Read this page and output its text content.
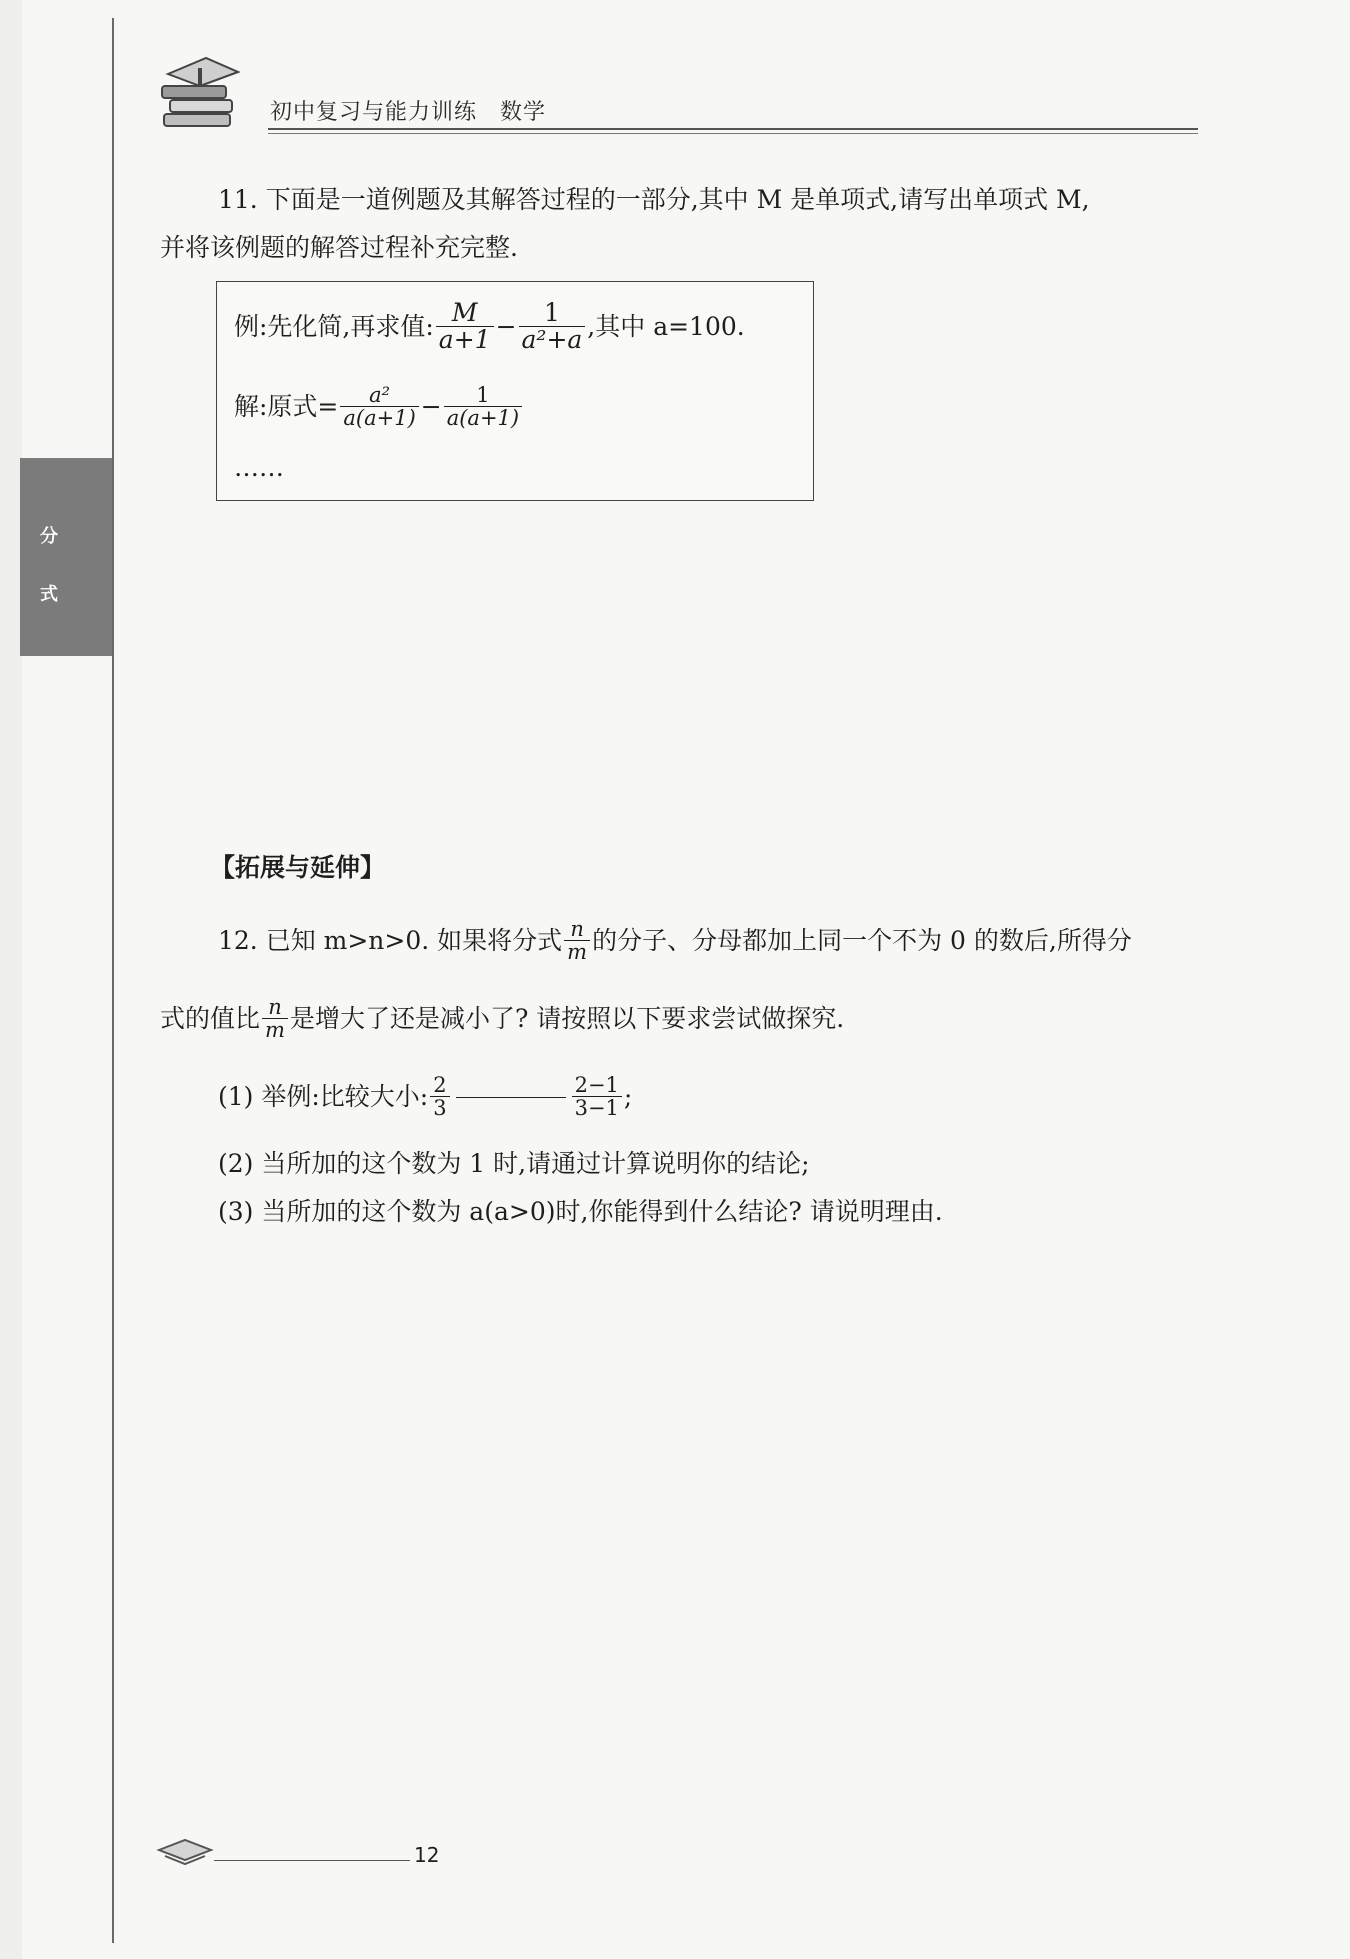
初中复习与能力训练　数学
分
式
11. 下面是一道例题及其解答过程的一部分,其中 M 是单项式,请写出单项式 M,
并将该例题的解答过程补充完整.
例:先化简,再求值: $\frac{M}{a+1} - \frac{1}{\text{a²+a}}$ ,其中 a=100.
解:原式= $\frac{\text{a²}}{a(a+1)} - \frac{1}{a(a+1)}$
……
【拓展与延伸】
12. 已知 m>n>0. 如果将分式 $\frac{n}{m}$ 的分子、分母都加上同一个不为 0 的数后,所得分
式的值比 $\frac{n}{m}$ 是增大了还是减小了? 请按照以下要求尝试做探究.
(1) 举例:比较大小: $\frac{2}{3}$	$\frac{2-1}{3-1}$ ;
(2) 当所加的这个数为 1 时,请通过计算说明你的结论;
(3) 当所加的这个数为 a(a>0)时,你能得到什么结论? 请说明理由.
12
